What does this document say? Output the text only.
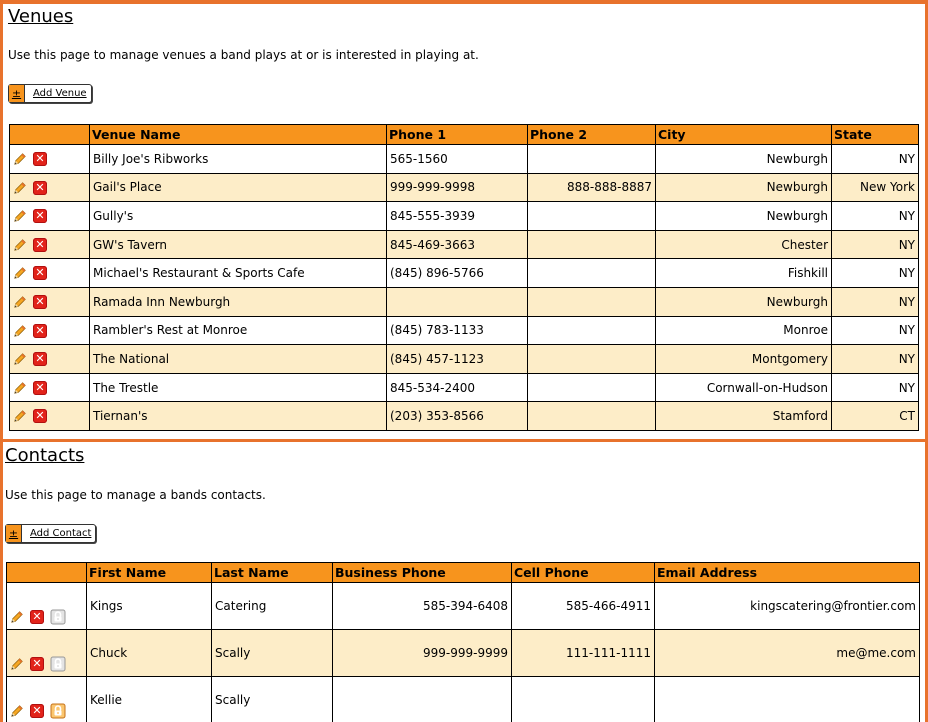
Venues
Use this page to manage venues a band plays at or is interested in playing at.
±	Add Venue
	Venue Name	Phone 1	Phone 2	City	State
✕	Billy Joe's Ribworks	565-1560		Newburgh	NY
✕	Gail's Place	999-999-9998	888-888-8887	Newburgh	New York
✕	Gully's	845-555-3939		Newburgh	NY
✕	GW's Tavern	845-469-3663		Chester	NY
✕	Michael's Restaurant & Sports Cafe	(845) 896-5766		Fishkill	NY
✕	Ramada Inn Newburgh			Newburgh	NY
✕	Rambler's Rest at Monroe	(845) 783-1133		Monroe	NY
✕	The National	(845) 457-1123		Montgomery	NY
✕	The Trestle	845-534-2400		Cornwall-on-Hudson	NY
✕	Tiernan's	(203) 353-8566		Stamford	CT
Contacts
Use this page to manage a bands contacts.
±	Add Contact
	First Name	Last Name	Business Phone	Cell Phone	Email Address
✕	Kings	Catering	585-394-6408	585-466-4911	kingscatering@frontier.com
✕	Chuck	Scally	999-999-9999	111-111-1111	me@me.com
✕	Kellie	Scally			
